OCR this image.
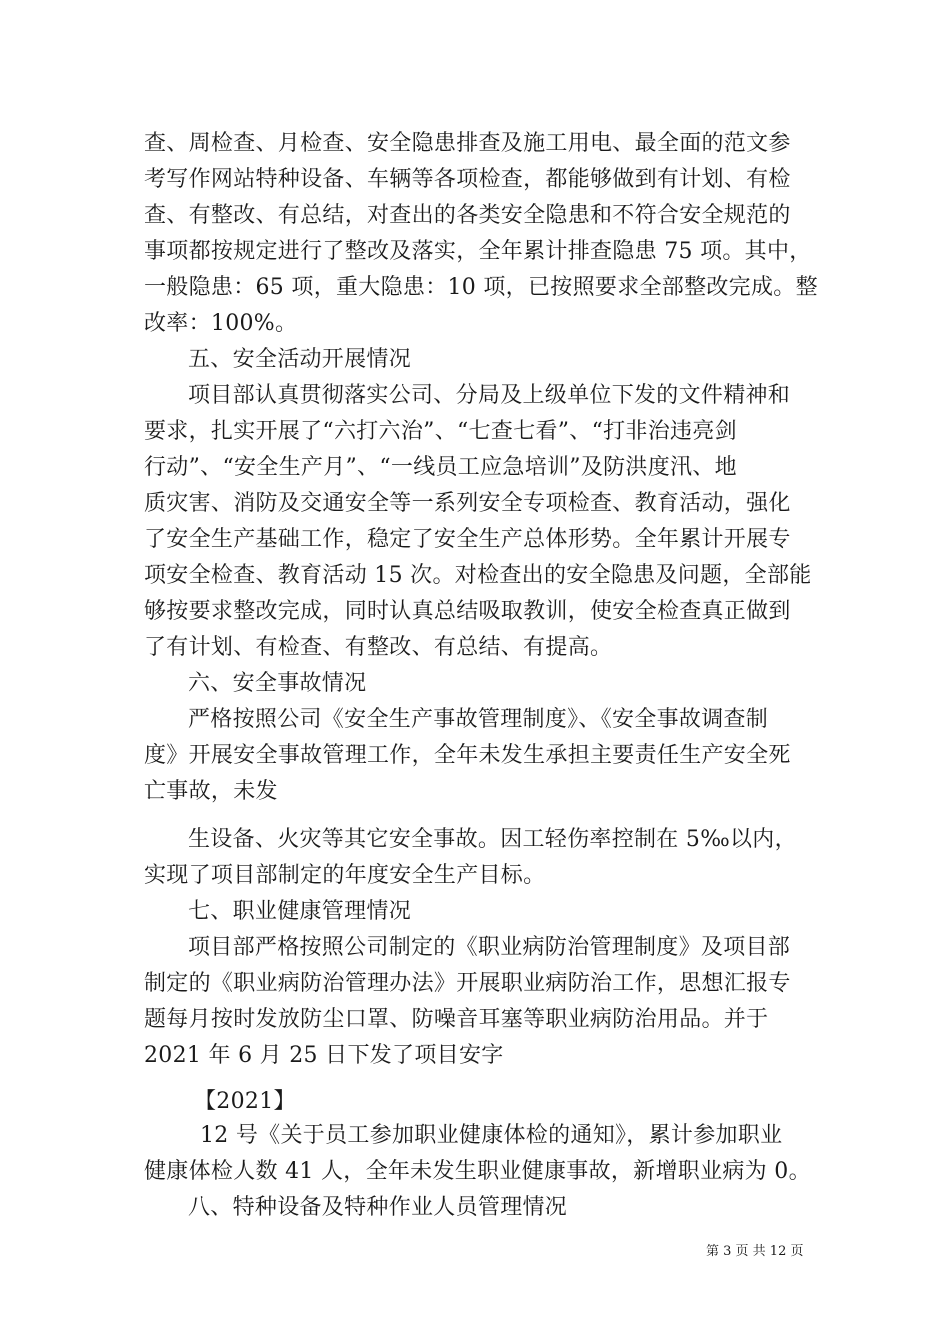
查、周检查、月检查、安全隐患排查及施工用电、最全面的范文参
考写作网站特种设备、车辆等各项检查，都能够做到有计划、有检
查、有整改、有总结，对查出的各类安全隐患和不符合安全规范的
事项都按规定进行了整改及落实，全年累计排查隐患 75 项。其中，
一般隐患：65 项，重大隐患：10 项，已按照要求全部整改完成。整
改率：100%。
五、安全活动开展情况
项目部认真贯彻落实公司、分局及上级单位下发的文件精神和
要求，扎实开展了“六打六治”、“七查七看”、“打非治违亮剑
行动”、“安全生产月”、“一线员工应急培训”及防洪度汛、地
质灾害、消防及交通安全等一系列安全专项检查、教育活动，强化
了安全生产基础工作，稳定了安全生产总体形势。全年累计开展专
项安全检查、教育活动 15 次。对检查出的安全隐患及问题，全部能
够按要求整改完成，同时认真总结吸取教训，使安全检查真正做到
了有计划、有检查、有整改、有总结、有提高。
六、安全事故情况
严格按照公司《安全生产事故管理制度》、《安全事故调查制
度》开展安全事故管理工作，全年未发生承担主要责任生产安全死
亡事故，未发
生设备、火灾等其它安全事故。因工轻伤率控制在 5‰以内，
实现了项目部制定的年度安全生产目标。
七、职业健康管理情况
项目部严格按照公司制定的《职业病防治管理制度》及项目部
制定的《职业病防治管理办法》开展职业病防治工作，思想汇报专
题每月按时发放防尘口罩、防噪音耳塞等职业病防治用品。并于
2021 年 6 月 25 日下发了项目安字
【2021】
12 号《关于员工参加职业健康体检的通知》，累计参加职业
健康体检人数 41 人，全年未发生职业健康事故，新增职业病为 0。
八、特种设备及特种作业人员管理情况
第 3 页 共 12 页
